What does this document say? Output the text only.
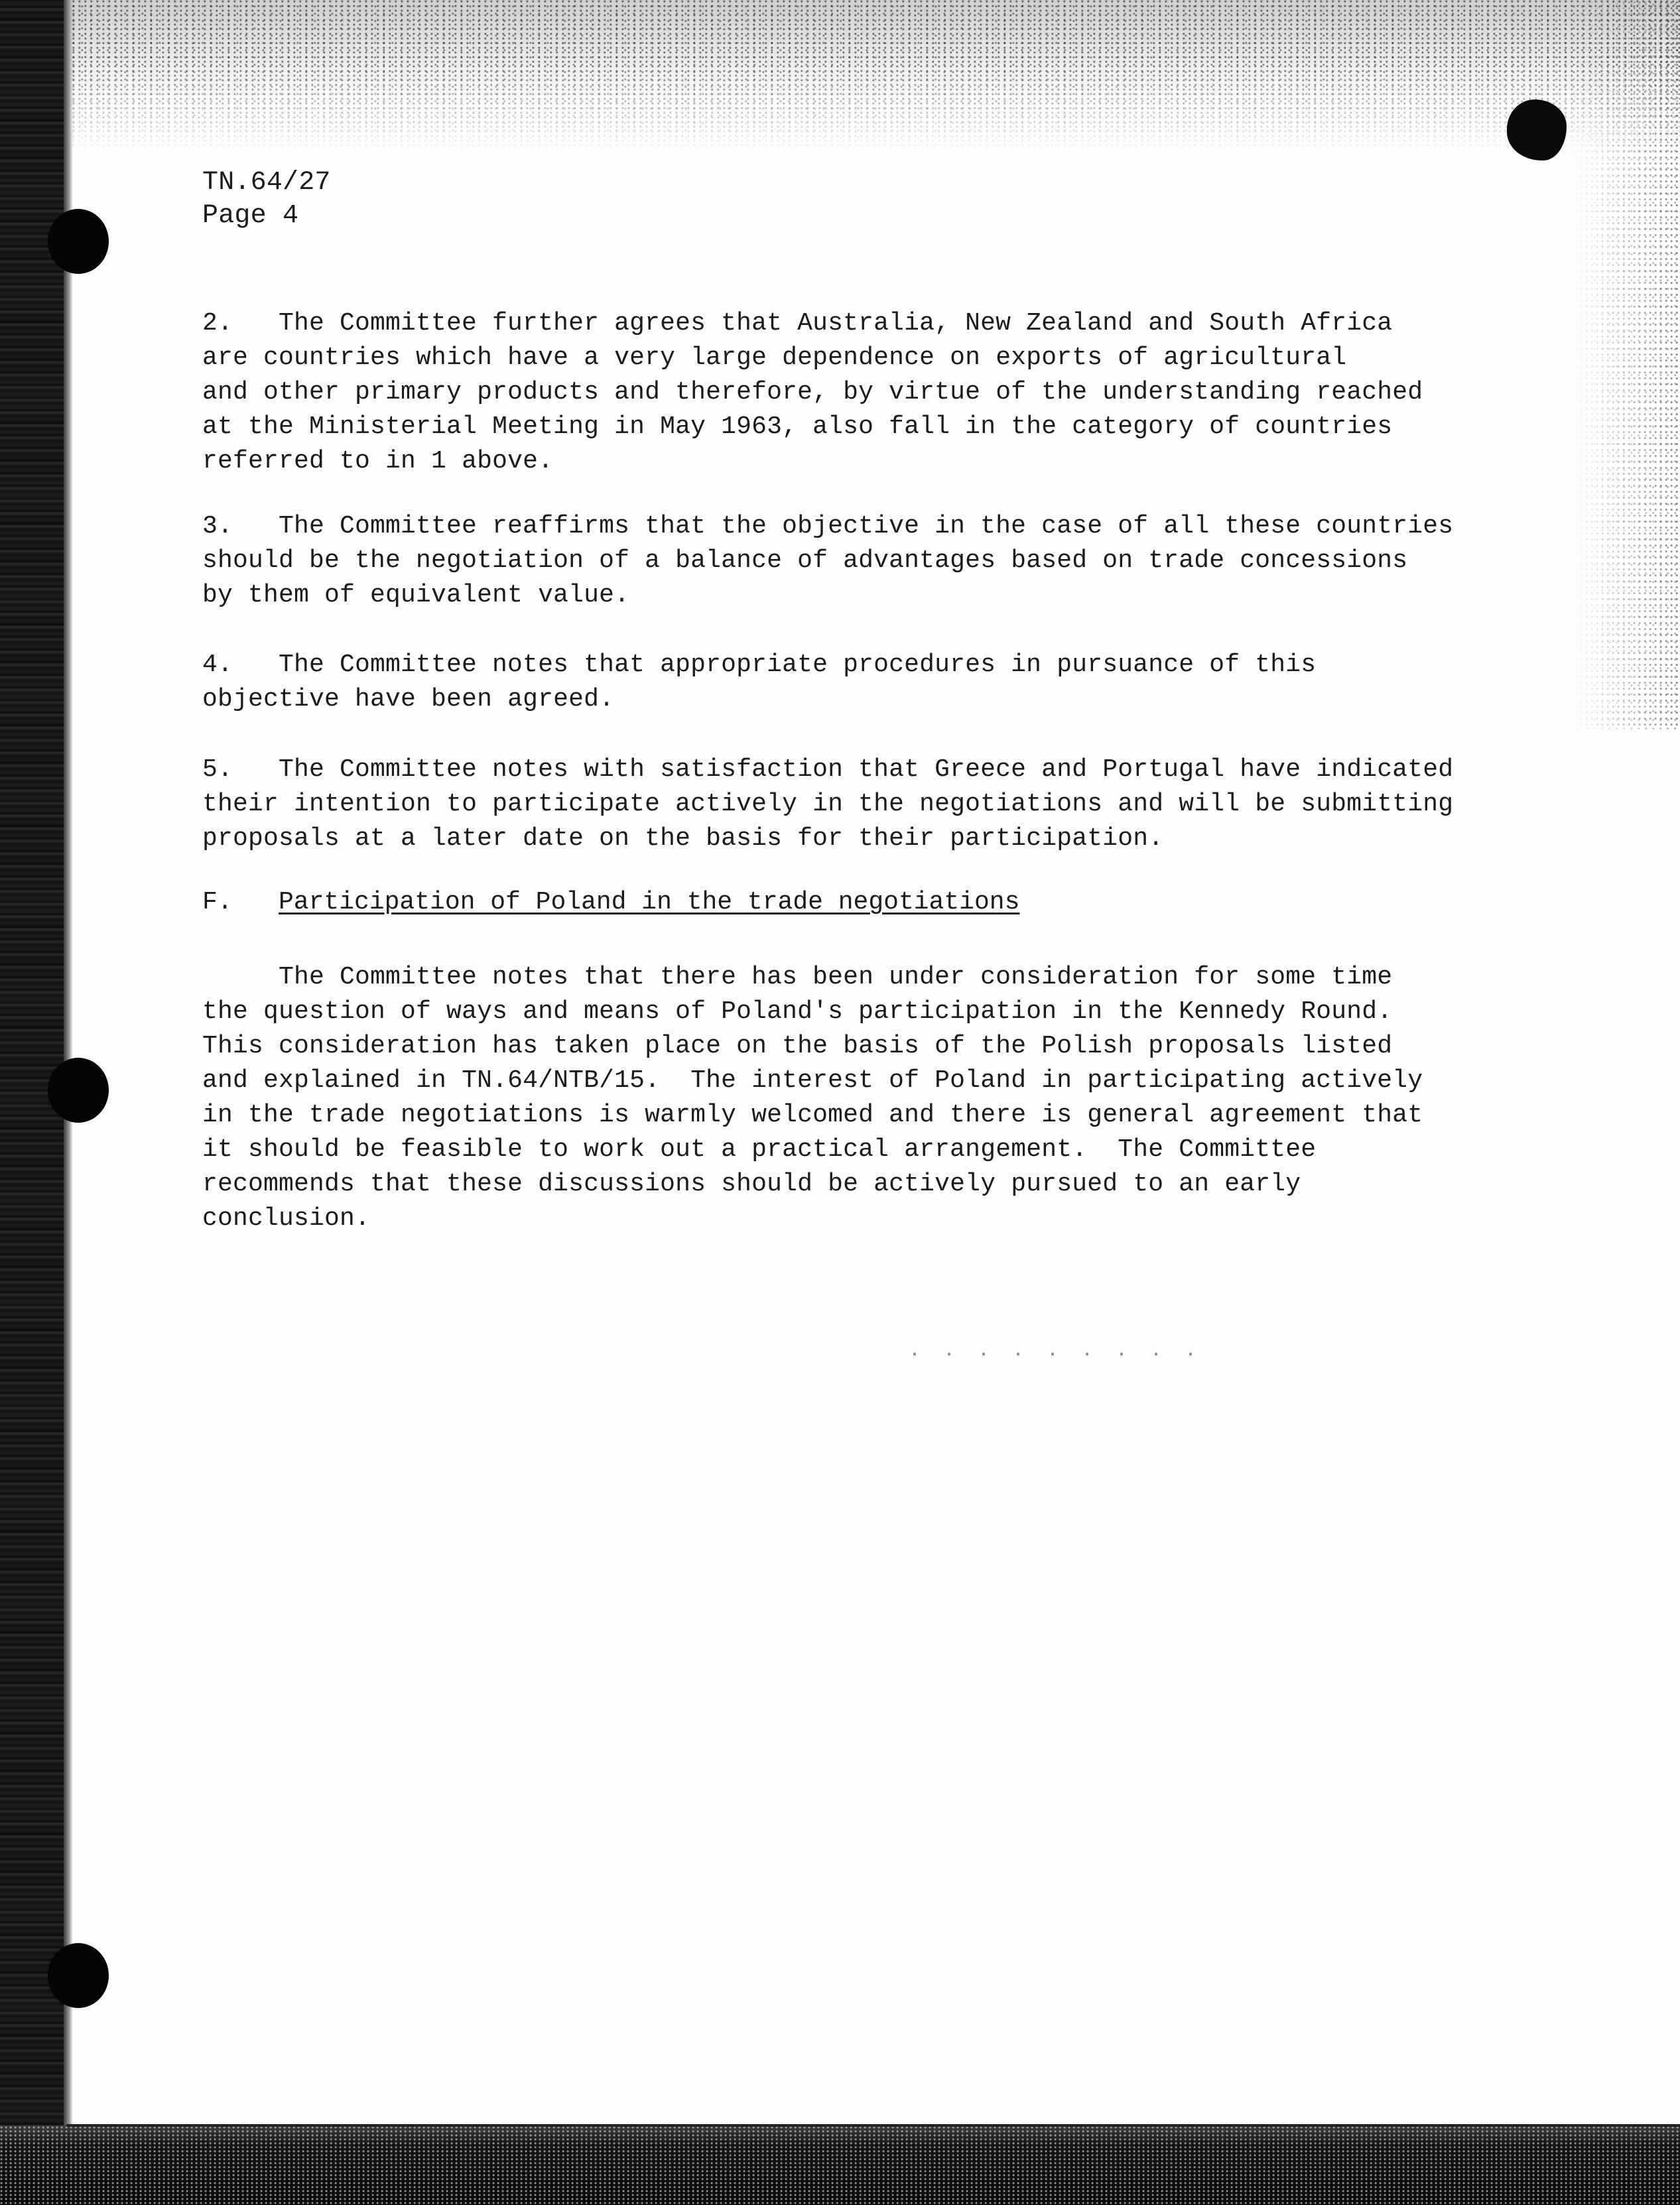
TN.64/27
Page 4
2. The Committee further agrees that Australia, New Zealand and South Africa
are countries which have a very large dependence on exports of agricultural
and other primary products and therefore, by virtue of the understanding reached
at the Ministerial Meeting in May 1963, also fall in the category of countries
referred to in 1 above.
3. The Committee reaffirms that the objective in the case of all these countries
should be the negotiation of a balance of advantages based on trade concessions
by them of equivalent value.
4. The Committee notes that appropriate procedures in pursuance of this
objective have been agreed.
5. The Committee notes with satisfaction that Greece and Portugal have indicated
their intention to participate actively in the negotiations and will be submitting
proposals at a later date on the basis for their participation.
F. Participation of Poland in the trade negotiations
The Committee notes that there has been under consideration for some time
the question of ways and means of Poland's participation in the Kennedy Round.
This consideration has taken place on the basis of the Polish proposals listed
and explained in TN.64/NTB/15.  The interest of Poland in participating actively
in the trade negotiations is warmly welcomed and there is general agreement that
it should be feasible to work out a practical arrangement.  The Committee
recommends that these discussions should be actively pursued to an early
conclusion.
. . . . . . . . .
